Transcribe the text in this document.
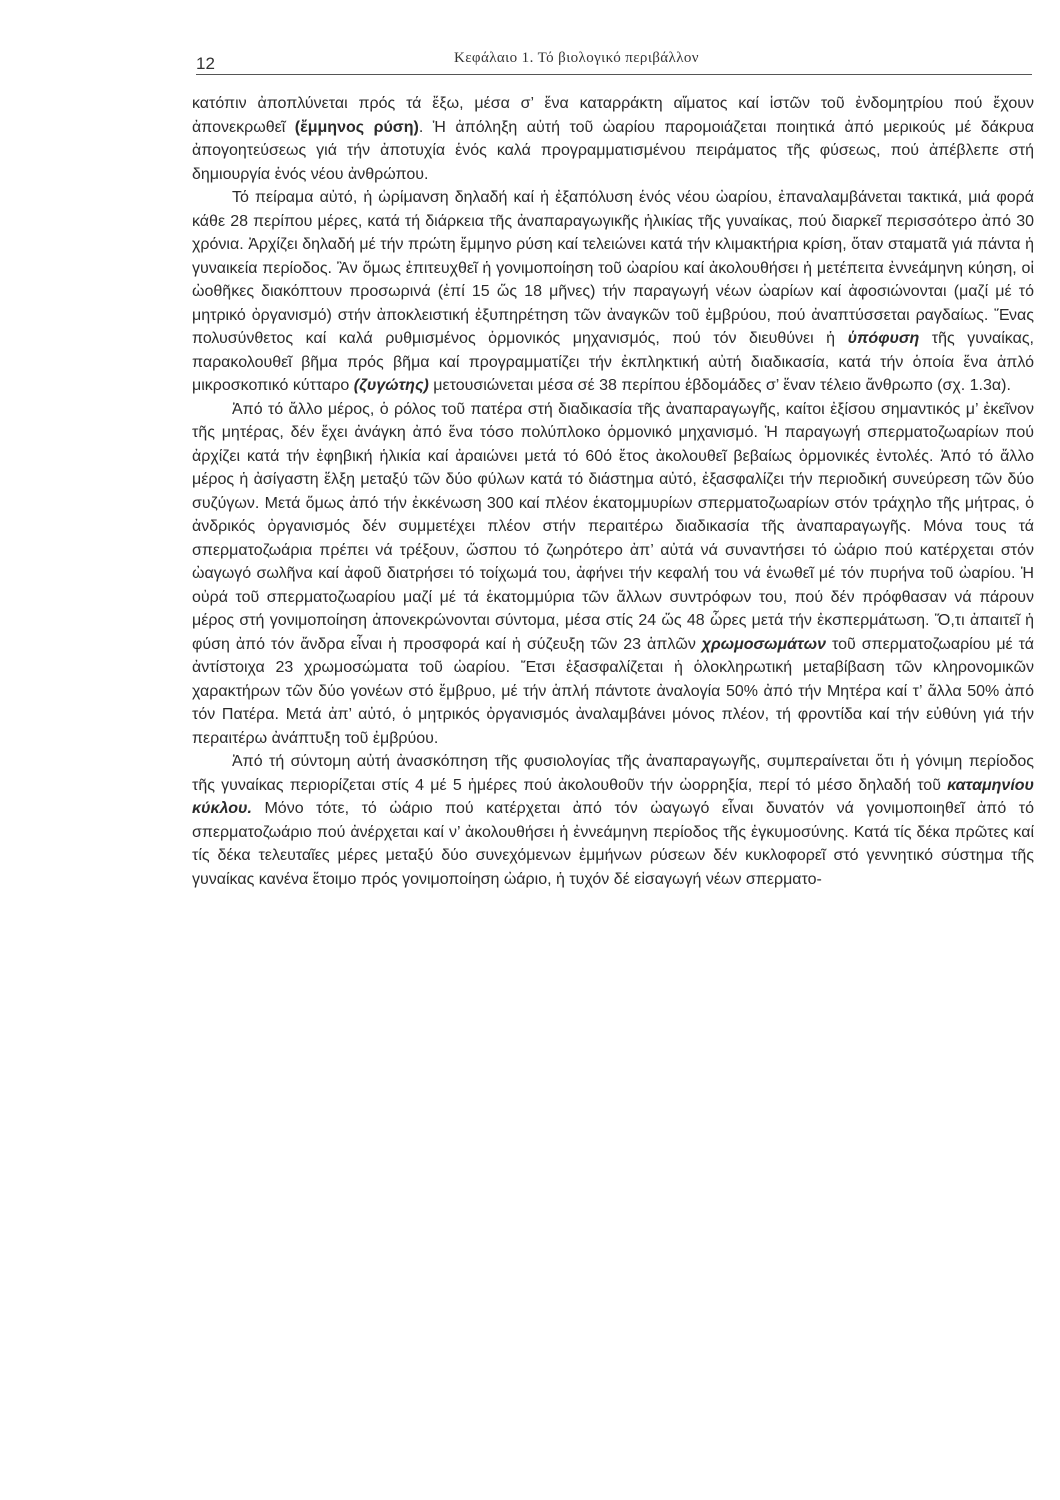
12	Κεφάλαιο 1. Τό βιολογικό περιβάλλον

κατόπιν ἀποπλύνεται πρός τά ἔξω, μέσα σ’ ἕνα καταρράκτη αἵματος καί ἱστῶν τοῦ ἐνδομητρίου πού ἔχουν ἀπονεκρωθεῖ (ἔμμηνος ρύση). Ἡ ἀπόληξη αὐτή τοῦ ὠαρίου παρομοιάζεται ποιητικά ἀπό μερικούς μέ δάκρυα ἀπογοητεύσεως γιά τήν ἀποτυχία ἑνός καλά προγραμματισμένου πειράματος τῆς φύσεως, πού ἀπέβλεπε στή δημιουργία ἑνός νέου ἀνθρώπου.

Τό πείραμα αὐτό, ἡ ὡρίμανση δηλαδή καί ἡ ἐξαπόλυση ἑνός νέου ὠαρίου, ἐπαναλαμβάνεται τακτικά, μιά φορά κάθε 28 περίπου μέρες, κατά τή διάρκεια τῆς ἀναπαραγωγικῆς ἡλικίας τῆς γυναίκας, πού διαρκεῖ περισσότερο ἀπό 30 χρόνια. Ἀρχίζει δηλαδή μέ τήν πρώτη ἔμμηνο ρύση καί τελειώνει κατά τήν κλιμακτήρια κρίση, ὅταν σταματᾶ γιά πάντα ἡ γυναικεία περίοδος. Ἂν ὅμως ἐπιτευχθεῖ ἡ γονιμοποίηση τοῦ ὠαρίου καί ἀκολουθήσει ἡ μετέπειτα ἐννεάμηνη κύηση, οἱ ὠοθῆκες διακόπτουν προσωρινά (ἐπί 15 ὥς 18 μῆνες) τήν παραγωγή νέων ὠαρίων καί ἀφοσιώνονται (μαζί μέ τό μητρικό ὀργανισμό) στήν ἀποκλειστική ἐξυπηρέτηση τῶν ἀναγκῶν τοῦ ἐμβρύου, πού ἀναπτύσσεται ραγδαίως. Ἕνας πολυσύνθετος καί καλά ρυθμισμένος ὁρμονικός μηχανισμός, πού τόν διευθύνει ἡ ὑπόφυση τῆς γυναίκας, παρακολουθεῖ βῆμα πρός βῆμα καί προγραμματίζει τήν ἐκπληκτική αὐτή διαδικασία, κατά τήν ὁποία ἕνα ἁπλό μικροσκοπικό κύτταρο (ζυγώτης) μετουσιώνεται μέσα σέ 38 περίπου ἑβδομάδες σ’ ἕναν τέλειο ἄνθρωπο (σχ. 1.3α).

Ἀπό τό ἄλλο μέρος, ὁ ρόλος τοῦ πατέρα στή διαδικασία τῆς ἀναπαραγωγῆς, καίτοι ἐξίσου σημαντικός μ’ ἐκεῖνον τῆς μητέρας, δέν ἔχει ἀνάγκη ἀπό ἕνα τόσο πολύπλοκο ὁρμονικό μηχανισμό. Ἡ παραγωγή σπερματοζωαρίων πού ἀρχίζει κατά τήν ἐφηβική ἡλικία καί ἀραιώνει μετά τό 60ό ἔτος ἀκολουθεῖ βεβαίως ὁρμονικές ἐντολές. Ἀπό τό ἄλλο μέρος ἡ ἀσίγαστη ἕλξη μεταξύ τῶν δύο φύλων κατά τό διάστημα αὐτό, ἐξασφαλίζει τήν περιοδική συνεύρεση τῶν δύο συζύγων. Μετά ὅμως ἀπό τήν ἐκκένωση 300 καί πλέον ἑκατομμυρίων σπερματοζωαρίων στόν τράχηλο τῆς μήτρας, ὁ ἀνδρικός ὀργανισμός δέν συμμετέχει πλέον στήν περαιτέρω διαδικασία τῆς ἀναπαραγωγῆς. Μόνα τους τά σπερματοζωάρια πρέπει νά τρέξουν, ὥσπου τό ζωηρότερο ἀπ’ αὐτά νά συναντήσει τό ὠάριο πού κατέρχεται στόν ὠαγωγό σωλῆνα καί ἀφοῦ διατρήσει τό τοίχωμά του, ἀφήνει τήν κεφαλή του νά ἑνωθεῖ μέ τόν πυρήνα τοῦ ὠαρίου. Ἡ οὐρά τοῦ σπερματοζωαρίου μαζί μέ τά ἑκατομμύρια τῶν ἄλλων συντρόφων του, πού δέν πρόφθασαν νά πάρουν μέρος στή γονιμοποίηση ἀπονεκρώνονται σύντομα, μέσα στίς 24 ὥς 48 ὧρες μετά τήν ἐκσπερμάτωση. Ὅ,τι ἀπαιτεῖ ἡ φύση ἀπό τόν ἄνδρα εἶναι ἡ προσφορά καί ἡ σύζευξη τῶν 23 ἁπλῶν χρωμοσωμάτων τοῦ σπερματοζωαρίου μέ τά ἀντίστοιχα 23 χρωμοσώματα τοῦ ὠαρίου. Ἔτσι ἐξασφαλίζεται ἡ ὁλοκληρωτική μεταβίβαση τῶν κληρονομικῶν χαρακτήρων τῶν δύο γονέων στό ἔμβρυο, μέ τήν ἁπλή πάντοτε ἀναλογία 50% ἀπό τήν Μητέρα καί τ’ ἄλλα 50% ἀπό τόν Πατέρα. Μετά ἀπ’ αὐτό, ὁ μητρικός ὀργανισμός ἀναλαμβάνει μόνος πλέον, τή φροντίδα καί τήν εὐθύνη γιά τήν περαιτέρω ἀνάπτυξη τοῦ ἐμβρύου.

Ἀπό τή σύντομη αὐτή ἀνασκόπηση τῆς φυσιολογίας τῆς ἀναπαραγωγῆς, συμπεραίνεται ὅτι ἡ γόνιμη περίοδος τῆς γυναίκας περιορίζεται στίς 4 μέ 5 ἡμέρες πού ἀκολουθοῦν τήν ὠορρηξία, περί τό μέσο δηλαδή τοῦ καταμηνίου κύκλου. Μόνο τότε, τό ὠάριο πού κατέρχεται ἀπό τόν ὠαγωγό εἶναι δυνατόν νά γονιμοποιηθεῖ ἀπό τό σπερματοζωάριο πού ἀνέρχεται καί ν’ ἀκολουθήσει ἡ ἐννεάμηνη περίοδος τῆς ἐγκυμοσύνης. Κατά τίς δέκα πρῶτες καί τίς δέκα τελευταῖες μέρες μεταξύ δύο συνεχόμενων ἐμμήνων ρύσεων δέν κυκλοφορεῖ στό γεννητικό σύστημα τῆς γυναίκας κανένα ἕτοιμο πρός γονιμοποίηση ὠάριο, ἡ τυχόν δέ εἰσαγωγή νέων σπερματο-
